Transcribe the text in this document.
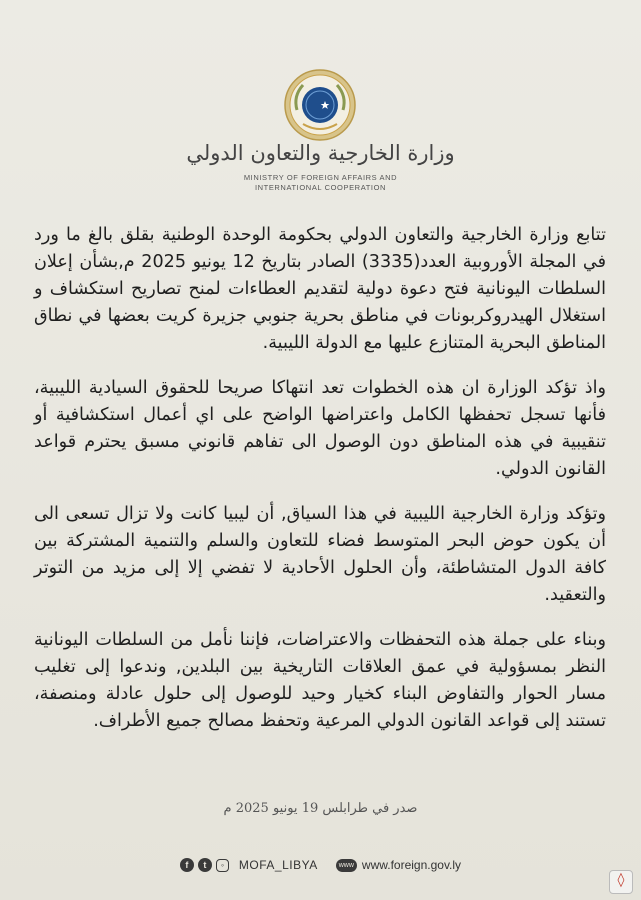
وزارة الخارجية والتعاون الدولي
MINISTRY OF FOREIGN AFFAIRS AND
INTERNATIONAL COOPERATION

تتابع وزارة الخارجية والتعاون الدولي بحكومة الوحدة الوطنية بقلق بالغ ما ورد في المجلة الأوروبية العدد(3335) الصادر بتاريخ 12 يونيو 2025 م,بشأن إعلان السلطات اليونانية فتح دعوة دولية لتقديم العطاءات لمنح تصاريح استكشاف و استغلال الهيدروكربونات في مناطق بحرية جنوبي جزيرة كريت بعضها في نطاق المناطق البحرية المتنازع عليها مع الدولة الليبية.

واذ تؤكد الوزارة ان هذه الخطوات تعد انتهاكا صريحا للحقوق السيادية الليبية، فأنها تسجل تحفظها الكامل واعتراضها الواضح على اي أعمال استكشافية أو تنقيبية في هذه المناطق دون الوصول الى تفاهم قانوني مسبق يحترم قواعد القانون الدولي.

وتؤكد وزارة الخارجية الليبية في هذا السياق, أن ليبيا كانت ولا تزال تسعى الى أن يكون حوض البحر المتوسط فضاء للتعاون والسلم والتنمية المشتركة بين كافة الدول المتشاطئة، وأن الحلول الأحادية لا تفضي إلا إلى مزيد من التوتر والتعقيد.

وبناء على جملة هذه التحفظات والاعتراضات، فإننا نأمل من السلطات اليونانية النظر بمسؤولية في عمق العلاقات التاريخية بين البلدين, وندعوا إلى تغليب مسار الحوار والتفاوض البناء كخيار وحيد للوصول إلى حلول عادلة ومنصفة، تستند إلى قواعد القانون الدولي المرعية وتحفظ مصالح جميع الأطراف.

صدر في طرابلس 19 يونيو 2025 م
f	t	◦	MOFA_LIBYA	www www.foreign.gov.ly
◊
